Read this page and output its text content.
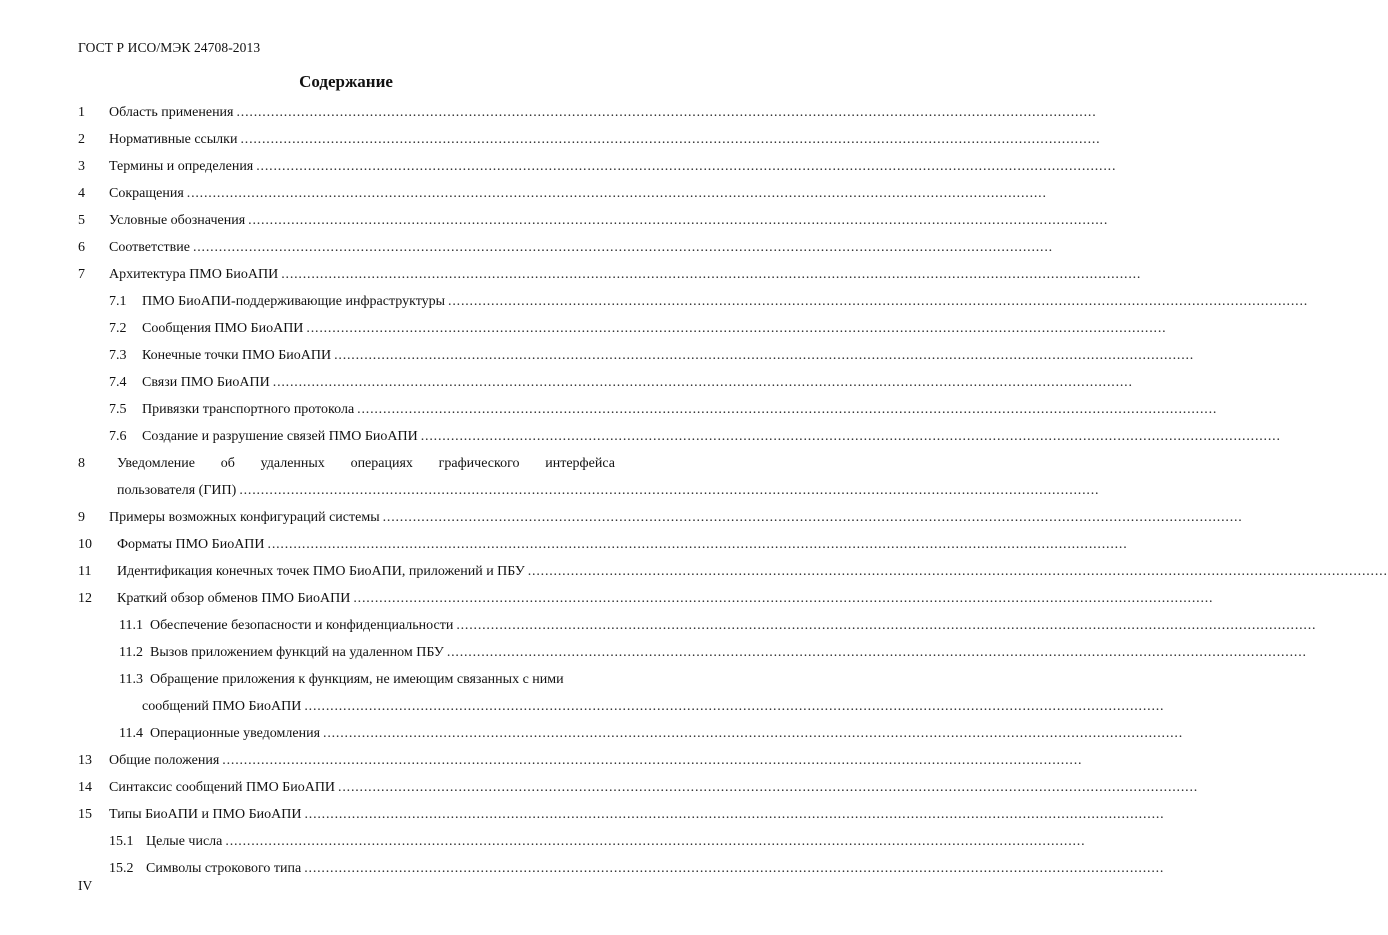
ГОСТ Р ИСО/МЭК 24708-2013
Содержание
1 Область применения ........................................................................................................................................................................................................
2 Нормативные ссылки ........................................................................................................................................................................................................
3 Термины и определения ........................................................................................................................................................................................................
4 Сокращения ........................................................................................................................................................................................................
5 Условные обозначения ........................................................................................................................................................................................................
6 Соответствие ........................................................................................................................................................................................................
7 Архитектура ПМО БиоАПИ ........................................................................................................................................................................................................
7.1 ПМО БиоАПИ-поддерживающие инфраструктуры ........................................................................................................................................................................................................
7.2 Сообщения ПМО БиоАПИ ........................................................................................................................................................................................................
7.3 Конечные точки ПМО БиоАПИ ........................................................................................................................................................................................................
7.4 Связи ПМО БиоАПИ ........................................................................................................................................................................................................
7.5 Привязки транспортного протокола ........................................................................................................................................................................................................
7.6 Создание и разрушение связей ПМО БиоАПИ ........................................................................................................................................................................................................
8 Уведомление об удаленных операциях графического интерфейса
пользователя (ГИП) ........................................................................................................................................................................................................
9 Примеры возможных конфигураций системы ........................................................................................................................................................................................................
10 Форматы ПМО БиоАПИ ........................................................................................................................................................................................................
11 Идентификация конечных точек ПМО БиоАПИ, приложений и ПБУ ........................................................................................................................................................................................................
12 Краткий обзор обменов ПМО БиоАПИ ........................................................................................................................................................................................................
11.1 Обеспечение безопасности и конфиденциальности ........................................................................................................................................................................................................
11.2 Вызов приложением функций на удаленном ПБУ ........................................................................................................................................................................................................
11.3 Обращение приложения к функциям, не имеющим связанных с ними
сообщений ПМО БиоАПИ ........................................................................................................................................................................................................
11.4 Операционные уведомления ........................................................................................................................................................................................................
13 Общие положения ........................................................................................................................................................................................................
14 Синтаксис сообщений ПМО БиоАПИ ........................................................................................................................................................................................................
15 Типы БиоАПИ и ПМО БиоАПИ ........................................................................................................................................................................................................
15.1 Целые числа ........................................................................................................................................................................................................
15.2 Символы строкового типа ........................................................................................................................................................................................................
IV
